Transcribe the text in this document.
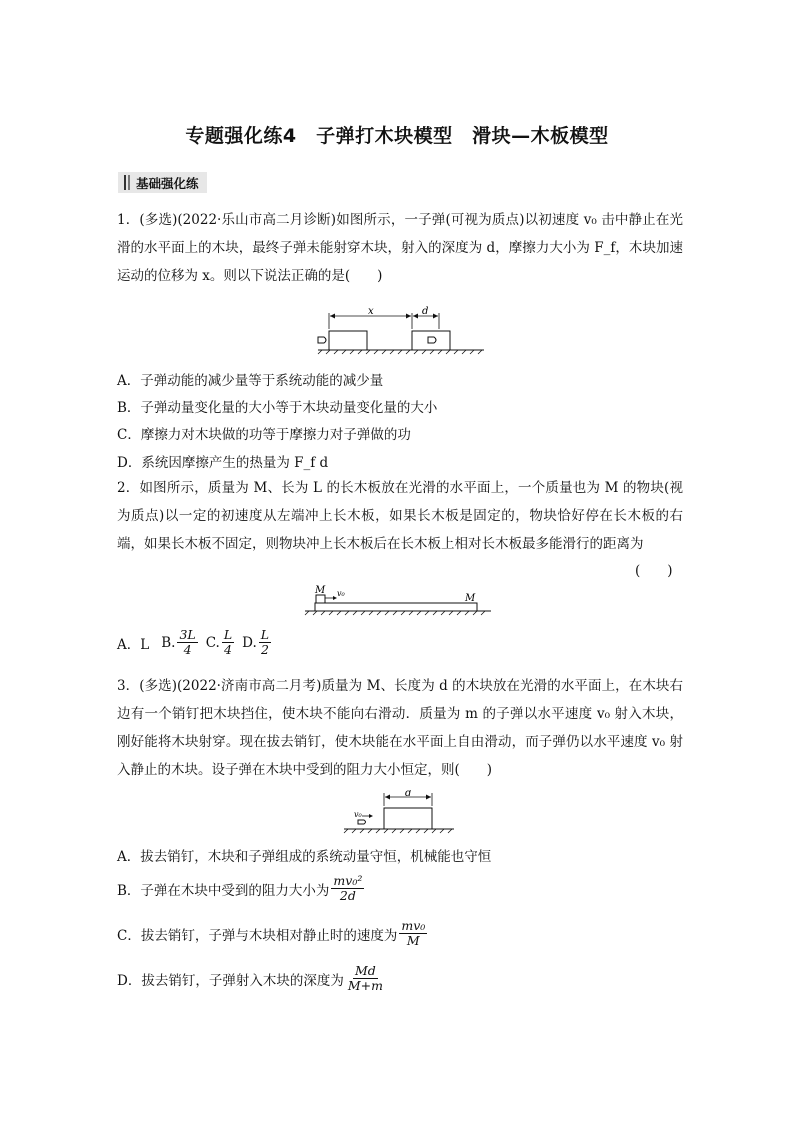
专题强化练4　子弹打木块模型　滑块—木板模型
基础强化练

1．(多选)(2022·乐山市高二月诊断)如图所示，一子弹(可视为质点)以初速度 v₀ 击中静止在光滑的水平面上的木块，最终子弹未能射穿木块，射入的深度为 d，摩擦力大小为 F_f，木块加速运动的位移为 x。则以下说法正确的是(　　)

x	d
A．子弹动能的减少量等于系统动能的减少量
B．子弹动量变化量的大小等于木块动量变化量的大小
C．摩擦力对木块做的功等于摩擦力对子弹做的功
D．系统因摩擦产生的热量为 F_f d

2．如图所示，质量为 M、长为 L 的长木板放在光滑的水平面上，一个质量也为 M 的物块(视为质点)以一定的初速度从左端冲上长木板，如果长木板是固定的，物块恰好停在长木板的右端，如果长木板不固定，则物块冲上长木板后在长木板上相对长木板最多能滑行的距离为

(　　)
M v₀	M
A．L B. $\frac{3L}{4} C$. $\frac{L}{4} D$. $\frac{L}{2}$

3．(多选)(2022·济南市高二月考)质量为 M、长度为 d 的木块放在光滑的水平面上，在木块右边有一个销钉把木块挡住，使木块不能向右滑动．质量为 m 的子弹以水平速度 v₀ 射入木块，刚好能将木块射穿。现在拔去销钉，使木块能在水平面上自由滑动，而子弹仍以水平速度 v₀ 射入静止的木块。设子弹在木块中受到的阻力大小恒定，则(　　)

d
v₀
A．拔去销钉，木块和子弹组成的系统动量守恒，机械能也守恒
B．子弹在木块中受到的阻力大小为 $\frac{\text{mv₀²}}{2d}$
C．拔去销钉，子弹与木块相对静止时的速度为 $\frac{\text{mv₀}}{M}$
D．拔去销钉，子弹射入木块的深度为 $\frac{Md}{M+m}$
